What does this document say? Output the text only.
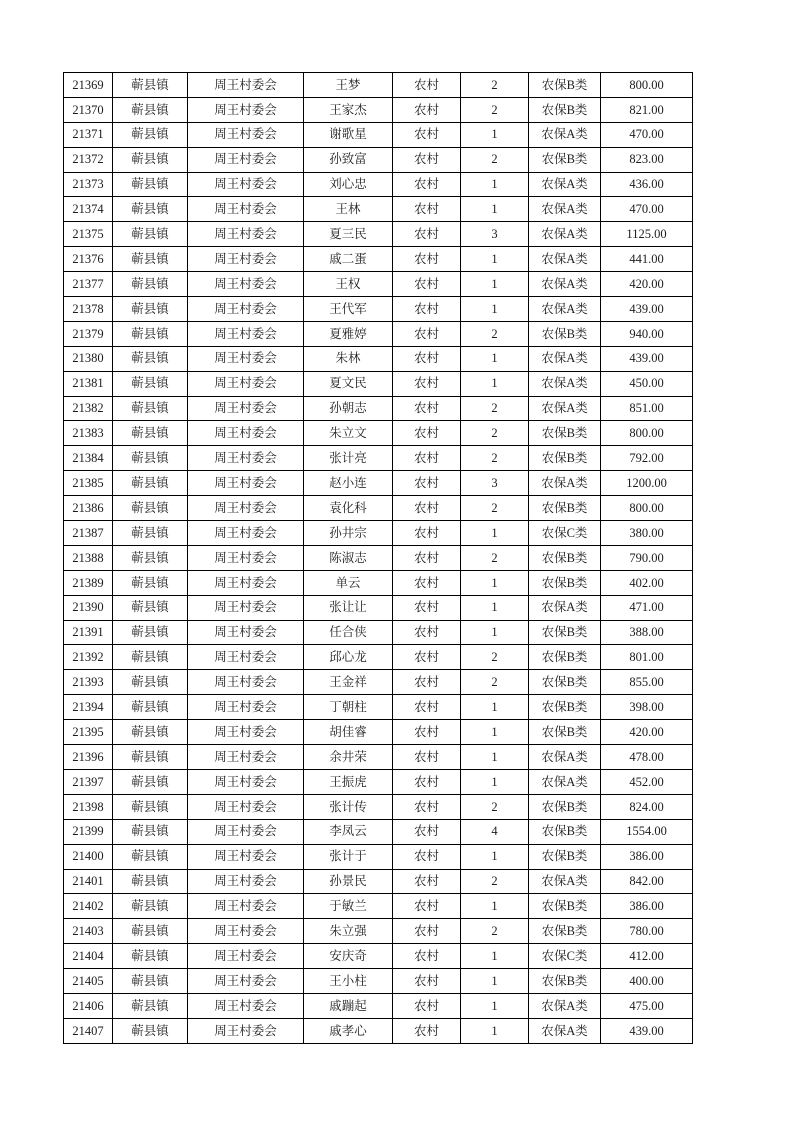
21369	蕲县镇	周王村委会	王梦	农村	2	农保B类	800.00
21370	蕲县镇	周王村委会	王家杰	农村	2	农保B类	821.00
21371	蕲县镇	周王村委会	谢歌星	农村	1	农保A类	470.00
21372	蕲县镇	周王村委会	孙致富	农村	2	农保B类	823.00
21373	蕲县镇	周王村委会	刘心忠	农村	1	农保A类	436.00
21374	蕲县镇	周王村委会	王林	农村	1	农保A类	470.00
21375	蕲县镇	周王村委会	夏三民	农村	3	农保A类	1125.00
21376	蕲县镇	周王村委会	戚二蛋	农村	1	农保A类	441.00
21377	蕲县镇	周王村委会	王权	农村	1	农保A类	420.00
21378	蕲县镇	周王村委会	王代军	农村	1	农保A类	439.00
21379	蕲县镇	周王村委会	夏雅婷	农村	2	农保B类	940.00
21380	蕲县镇	周王村委会	朱林	农村	1	农保A类	439.00
21381	蕲县镇	周王村委会	夏文民	农村	1	农保A类	450.00
21382	蕲县镇	周王村委会	孙朝志	农村	2	农保A类	851.00
21383	蕲县镇	周王村委会	朱立文	农村	2	农保B类	800.00
21384	蕲县镇	周王村委会	张计亮	农村	2	农保B类	792.00
21385	蕲县镇	周王村委会	赵小连	农村	3	农保A类	1200.00
21386	蕲县镇	周王村委会	袁化科	农村	2	农保B类	800.00
21387	蕲县镇	周王村委会	孙井宗	农村	1	农保C类	380.00
21388	蕲县镇	周王村委会	陈淑志	农村	2	农保B类	790.00
21389	蕲县镇	周王村委会	单云	农村	1	农保B类	402.00
21390	蕲县镇	周王村委会	张让让	农村	1	农保A类	471.00
21391	蕲县镇	周王村委会	任合侠	农村	1	农保B类	388.00
21392	蕲县镇	周王村委会	邱心龙	农村	2	农保B类	801.00
21393	蕲县镇	周王村委会	王金祥	农村	2	农保B类	855.00
21394	蕲县镇	周王村委会	丁朝柱	农村	1	农保B类	398.00
21395	蕲县镇	周王村委会	胡佳睿	农村	1	农保B类	420.00
21396	蕲县镇	周王村委会	余井荣	农村	1	农保A类	478.00
21397	蕲县镇	周王村委会	王振虎	农村	1	农保A类	452.00
21398	蕲县镇	周王村委会	张计传	农村	2	农保B类	824.00
21399	蕲县镇	周王村委会	李凤云	农村	4	农保B类	1554.00
21400	蕲县镇	周王村委会	张计于	农村	1	农保B类	386.00
21401	蕲县镇	周王村委会	孙景民	农村	2	农保A类	842.00
21402	蕲县镇	周王村委会	于敏兰	农村	1	农保B类	386.00
21403	蕲县镇	周王村委会	朱立强	农村	2	农保B类	780.00
21404	蕲县镇	周王村委会	安庆奇	农村	1	农保C类	412.00
21405	蕲县镇	周王村委会	王小柱	农村	1	农保B类	400.00
21406	蕲县镇	周王村委会	戚蹦起	农村	1	农保A类	475.00
21407	蕲县镇	周王村委会	戚孝心	农村	1	农保A类	439.00
